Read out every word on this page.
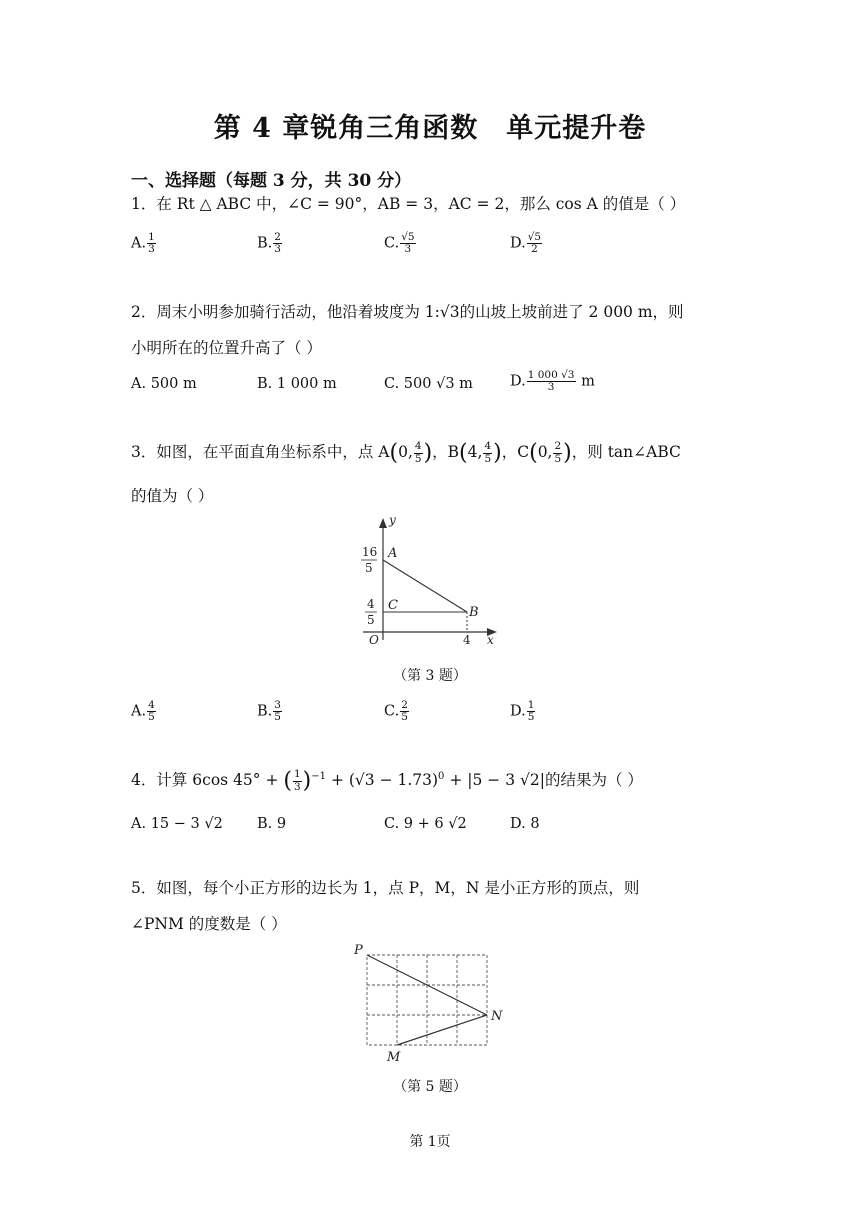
第 4 章锐角三角函数　单元提升卷
一、选择题（每题 3 分，共 30 分）
1．在 Rt △ ABC 中，∠C = 90°，AB = 3，AC = 2，那么 cos A 的值是（ ）
A. $\frac{1}{3}$	B. $\frac{2}{3}$	C. $\frac{√5}{3}$	D. $\frac{√5}{2}$
2．周末小明参加骑行活动，他沿着坡度为 1:√3的山坡上坡前进了 2 000 m，则
小明所在的位置升高了（ ）
A. 500 m	B. 1 000 m	C. 500 √3 m	D. $\frac{1 000 √3}{3}$ m
3．如图，在平面直角坐标系中，点 A(0, $\frac{4}{5}$ )，B(4, $\frac{4}{5}$ )，C(0, $\frac{2}{5}$ )，则 tan∠ABC
的值为（ ）
y
x
O
16
5
4
5
A
C	B
4
（第 3 题）
A. $\frac{4}{5}$	B. $\frac{3}{5}$	C. $\frac{2}{5}$	D. $\frac{1}{5}$
4．计算 6cos 45° + ( $\frac{1}{3} )^{-1} + (√3 - 1.73)^0 + |5 - 3$ √2|的结果为（ ）
A. 15 − 3 √2 B. 9	C. 9 + 6 √2	D. 8
5．如图，每个小正方形的边长为 1，点 P，M，N 是小正方形的顶点，则
∠PNM 的度数是（ ）
P
N
M
（第 5 题）
第 1页
